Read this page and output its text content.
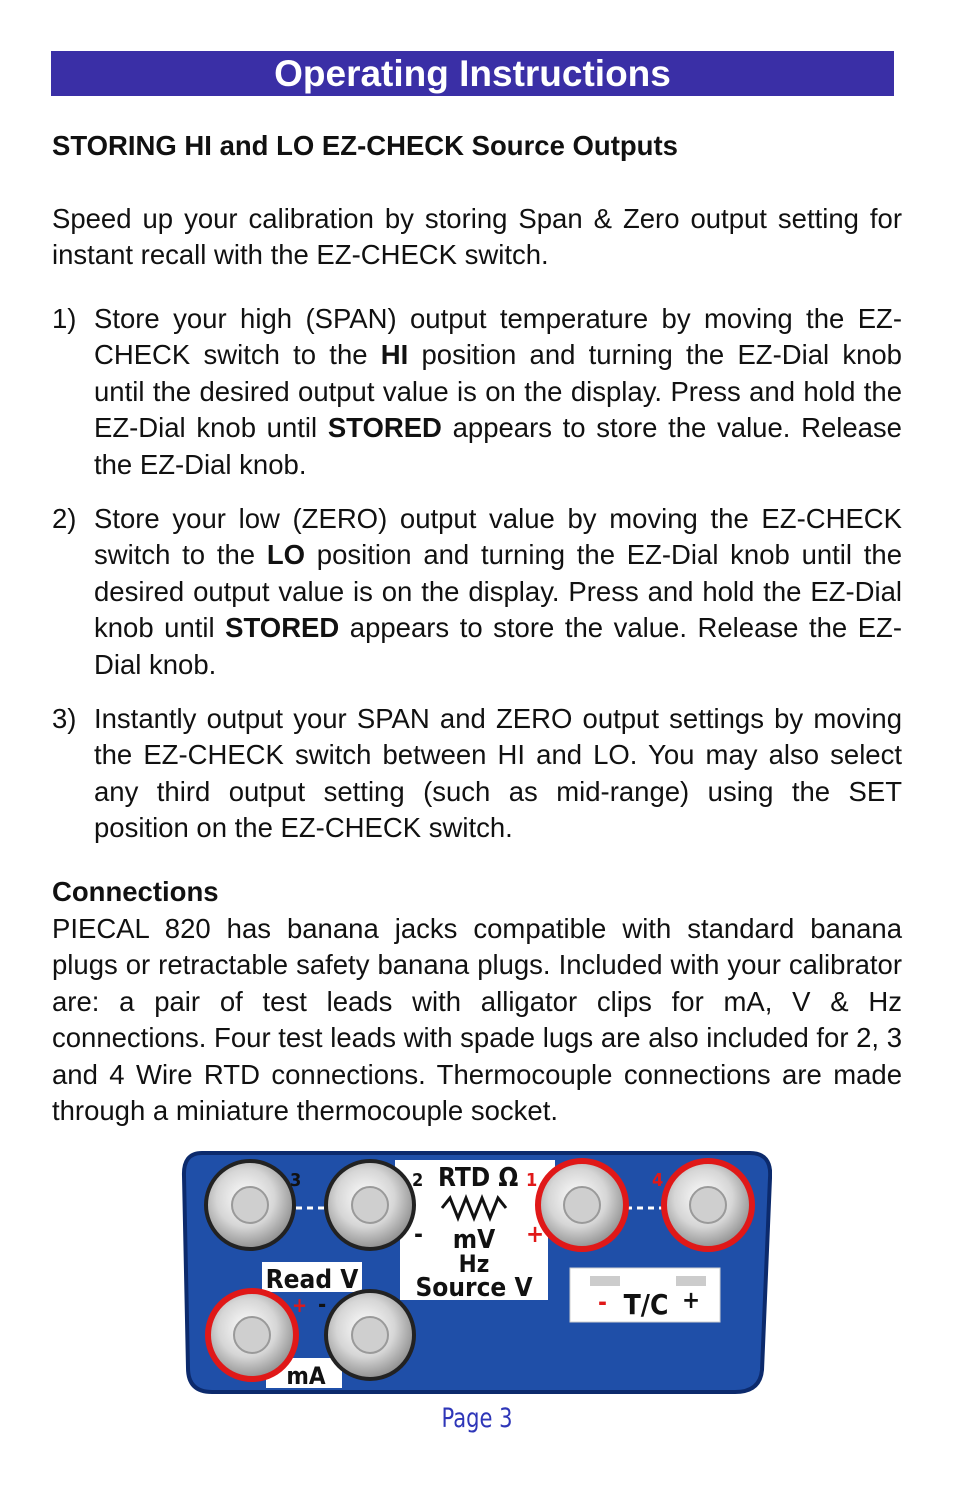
Operating Instructions
STORING HI and LO EZ-CHECK Source Outputs
Speed up your calibration by storing Span & Zero output setting for instant recall with the EZ-CHECK switch.
1) Store your high (SPAN) output temperature by moving the EZ-CHECK switch to the HI position and turning the EZ-Dial knob until the desired output value is on the display. Press and hold the EZ-Dial knob until STORED appears to store the value. Release the EZ-Dial knob.
2) Store your low (ZERO) output value by moving the EZ-CHECK switch to the LO position and turning the EZ-Dial knob until the desired output value is on the display. Press and hold the EZ-Dial knob until STORED appears to store the value. Release the EZ-Dial knob.
3) Instantly output your SPAN and ZERO output settings by moving the EZ-CHECK switch between HI and LO. You may also select any third output setting (such as mid-range) using the SET position on the EZ-CHECK switch.
Connections
PIECAL 820 has banana jacks compatible with standard banana plugs or retractable safety banana plugs. Included with your calibrator are: a pair of test leads with alligator clips for mA, V & Hz connections. Four test leads with spade lugs are also included for 2, 3 and 4 Wire RTD connections. Thermocouple connections are made through a miniature thermocouple socket.
3	2 RTD Ω 1	4
-	+
mV
Hz
Source V
Read V
+ -
mA
- T/C +
Page 3
